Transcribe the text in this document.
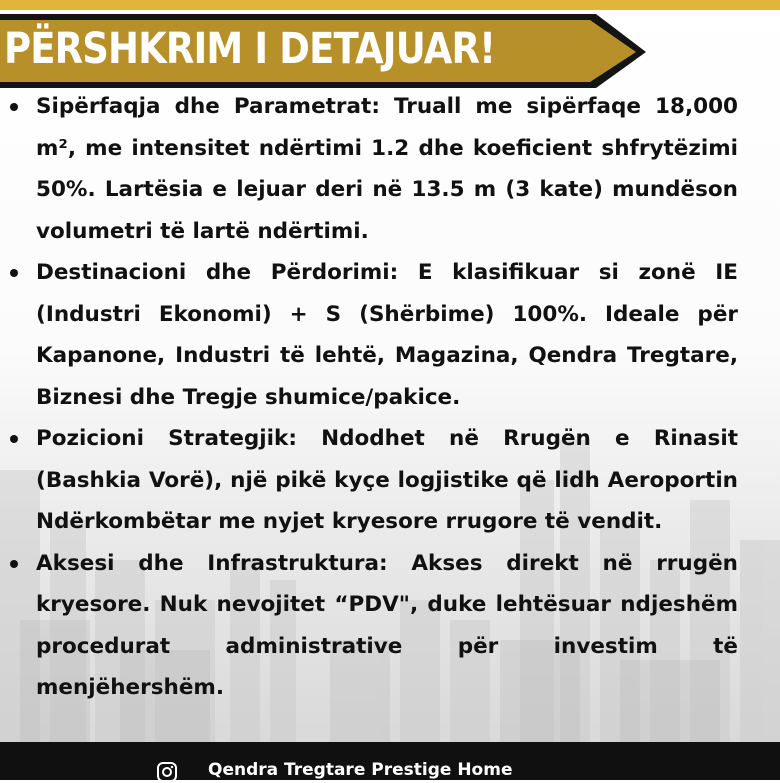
PËRSHKRIM I DETAJUAR!
Sipërfaqja dhe Parametrat: Truall me sipërfaqe 18,000 m², me intensitet ndërtimi 1.2 dhe koeficient shfrytëzimi 50%. Lartësia e lejuar deri në 13.5 m (3 kate) mundëson volumetri të lartë ndërtimi.
Destinacioni dhe Përdorimi: E klasifikuar si zonë IE (Industri Ekonomi) + S (Shërbime) 100%. Ideale për Kapanone, Industri të lehtë, Magazina, Qendra Tregtare, Biznesi dhe Tregje shumice/pakice.
Pozicioni Strategjik: Ndodhet në Rrugën e Rinasit (Bashkia Vorë), një pikë kyçe logjistike që lidh Aeroportin Ndërkombëtar me nyjet kryesore rrugore të vendit.
Aksesi dhe Infrastruktura: Akses direkt në rrugën kryesore. Nuk nevojitet “PDV", duke lehtësuar ndjeshëm procedurat administrative për investim të menjëhershëm.
Qendra Tregtare Prestige Home
